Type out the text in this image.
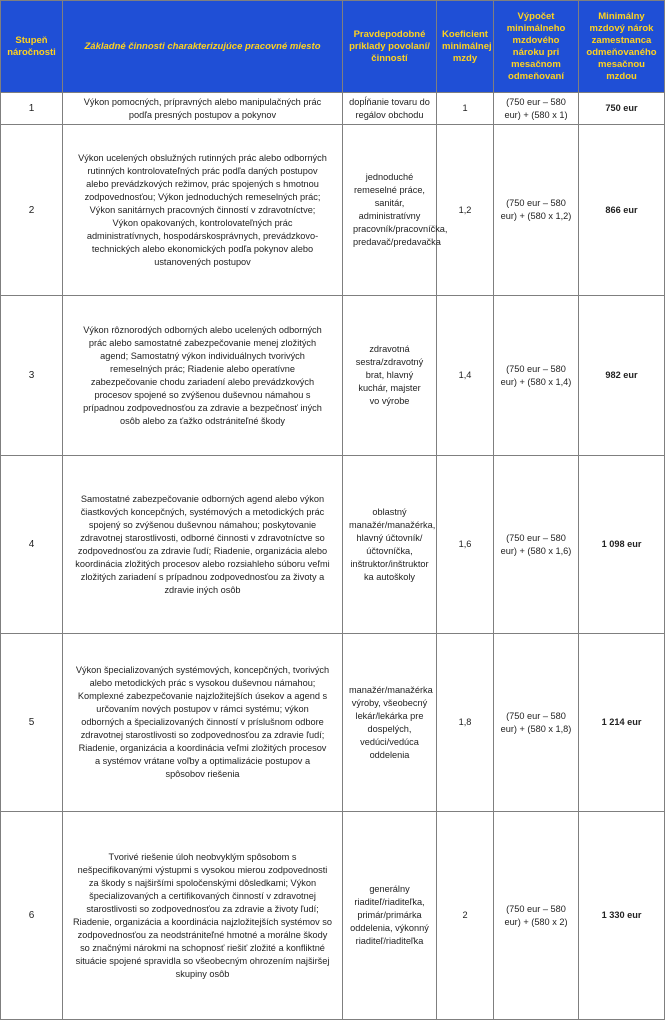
Stupeň náročnosti	Základné činnosti charakterizujúce pracovné miesto	Pravdepodobné príklady povolaní/činností	Koeficient minimálnej mzdy	Výpočet minimálneho mzdového nároku pri mesačnom odmeňovaní	Minimálny mzdový nárok zamestnanca odmeňovaného mesačnou mzdou
1	Výkon pomocných, prípravných alebo manipulačných prác podľa presných postupov a pokynov	dopĺňanie tovaru do regálov obchodu	1	(750 eur – 580 eur) + (580 x 1)	750 eur
2	Výkon ucelených obslužných rutinných prác alebo odborných rutinných kontrolovateľných prác podľa daných postupov alebo prevádzkových režimov, prác spojených s hmotnou zodpovednosťou; Výkon jednoduchých remeselných prác; Výkon sanitárnych pracovných činností v zdravotníctve; Výkon opakovaných, kontrolovateľných prác administratívnych, hospodárskosprávnych, prevádzkovo-technických alebo ekonomických podľa pokynov alebo ustanovených postupov	jednoduché remeselné práce, sanitár, administratívny pracovník/pracovníčka, predavač/predavačka	1,2	(750 eur – 580 eur) + (580 x 1,2)	866 eur
3	Výkon rôznorodých odborných alebo ucelených odborných prác alebo samostatné zabezpečovanie menej zložitých agend; Samostatný výkon individuálnych tvorivých remeselných prác; Riadenie alebo operatívne zabezpečovanie chodu zariadení alebo prevádzkových procesov spojené so zvýšenou duševnou námahou s prípadnou zodpovednosťou za zdravie a bezpečnosť iných osôb alebo za ťažko odstrániteľné škody	zdravotná sestra/zdravotný brat, hlavný kuchár, majster vo výrobe	1,4	(750 eur – 580 eur) + (580 x 1,4)	982 eur
4	Samostatné zabezpečovanie odborných agend alebo výkon čiastkových koncepčných, systémových a metodických prác spojený so zvýšenou duševnou námahou; poskytovanie zdravotnej starostlivosti, odborné činnosti v zdravotníctve so zodpovednosťou za zdravie ľudí; Riadenie, organizácia alebo koordinácia zložitých procesov alebo rozsiahleho súboru veľmi zložitých zariadení s prípadnou zodpovednosťou za životy a zdravie iných osôb	oblastný manažér/manažérka, hlavný účtovník/účtovníčka, inštruktor/inštruktor ka autoškoly	1,6	(750 eur – 580 eur) + (580 x 1,6)	1 098 eur
5	Výkon špecializovaných systémových, koncepčných, tvorivých alebo metodických prác s vysokou duševnou námahou; Komplexné zabezpečovanie najzložitejších úsekov a agend s určovaním nových postupov v rámci systému; výkon odborných a špecializovaných činností v príslušnom odbore zdravotnej starostlivosti so zodpovednosťou za zdravie ľudí; Riadenie, organizácia a koordinácia veľmi zložitých procesov a systémov vrátane voľby a optimalizácie postupov a spôsobov riešenia	manažér/manažérka výroby, všeobecný lekár/lekárka pre dospelých, vedúci/vedúca oddelenia	1,8	(750 eur – 580 eur) + (580 x 1,8)	1 214 eur
6	Tvorivé riešenie úloh neobvyklým spôsobom s nešpecifikovanými výstupmi s vysokou mierou zodpovednosti za škody s najširšími spoločenskými dôsledkami; Výkon špecializovaných a certifikovaných činností v zdravotnej starostlivosti so zodpovednosťou za zdravie a životy ľudí; Riadenie, organizácia a koordinácia najzložitejších systémov so zodpovednosťou za neodstrániteľné hmotné a morálne škody so značnými nárokmi na schopnosť riešiť zložité a konfliktné situácie spojené spravidla so všeobecným ohrozením najširšej skupiny osôb	generálny riaditeľ/riaditeľka, primár/primárka oddelenia, výkonný riaditeľ/riaditeľka	2	(750 eur – 580 eur) + (580 x 2)	1 330 eur
